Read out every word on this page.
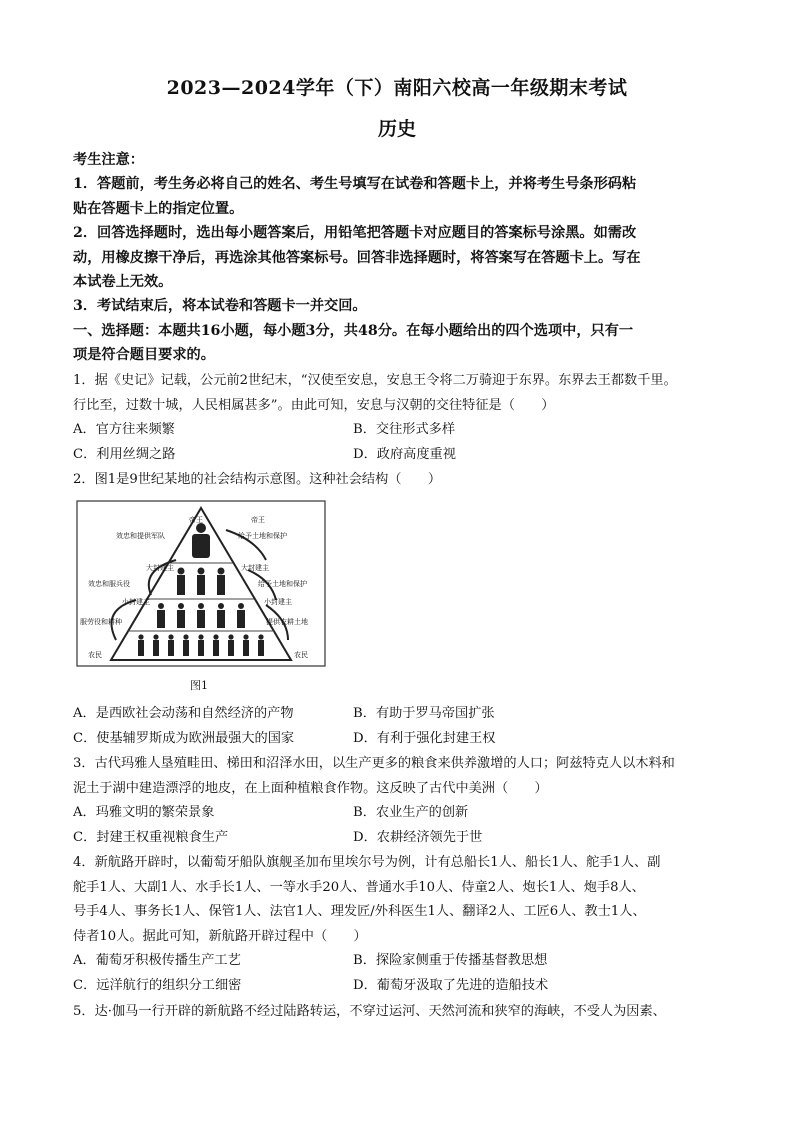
2023—2024学年（下）南阳六校高一年级期末考试
历史
考生注意：
1．答题前，考生务必将自己的姓名、考生号填写在试卷和答题卡上，并将考生号条形码粘
贴在答题卡上的指定位置。
2．回答选择题时，选出每小题答案后，用铅笔把答题卡对应题目的答案标号涂黑。如需改
动，用橡皮擦干净后，再选涂其他答案标号。回答非选择题时，将答案写在答题卡上。写在
本试卷上无效。
3．考试结束后，将本试卷和答题卡一并交回。
一、选择题：本题共16小题，每小题3分，共48分。在每小题给出的四个选项中，只有一
项是符合题目要求的。
1．据《史记》记载，公元前2世纪末，“汉使至安息，安息王令将二万骑迎于东界。东界去王都数千里。
行比至，过数十城，人民相属甚多”。由此可知，安息与汉朝的交往特征是（　　）
A．官方往来频繁	B．交往形式多样
C．利用丝绸之路	D．政府高度重视
2．图1是9世纪某地的社会结构示意图。这种社会结构（　　）
帝王	帝王
大封建主	大封建主
小封建主	小封建主
农民	农民
效忠和提供军队
效忠和服兵役
服劳役和耕种
给予土地和保护
给予土地和保护
提供农耕土地
图1
A．是西欧社会动荡和自然经济的产物	B．有助于罗马帝国扩张
C．使基辅罗斯成为欧洲最强大的国家	D．有利于强化封建王权
3．古代玛雅人垦殖畦田、梯田和沼泽水田，以生产更多的粮食来供养激增的人口；阿兹特克人以木料和
泥土于湖中建造漂浮的地皮，在上面种植粮食作物。这反映了古代中美洲（　　）
A．玛雅文明的繁荣景象	B．农业生产的创新
C．封建王权重视粮食生产	D．农耕经济领先于世
4．新航路开辟时，以葡萄牙船队旗舰圣加布里埃尔号为例，计有总船长1人、船长1人、舵手1人、副
舵手1人、大副1人、水手长1人、一等水手20人、普通水手10人、侍童2人、炮长1人、炮手8人、
号手4人、事务长1人、保管1人、法官1人、理发匠/外科医生1人、翻译2人、工匠6人、教士1人、
侍者10人。据此可知，新航路开辟过程中（　　）
A．葡萄牙积极传播生产工艺	B．探险家侧重于传播基督教思想
C．远洋航行的组织分工细密	D．葡萄牙汲取了先进的造船技术
5．达·伽马一行开辟的新航路不经过陆路转运，不穿过运河、天然河流和狭窄的海峡，不受人为因素、
